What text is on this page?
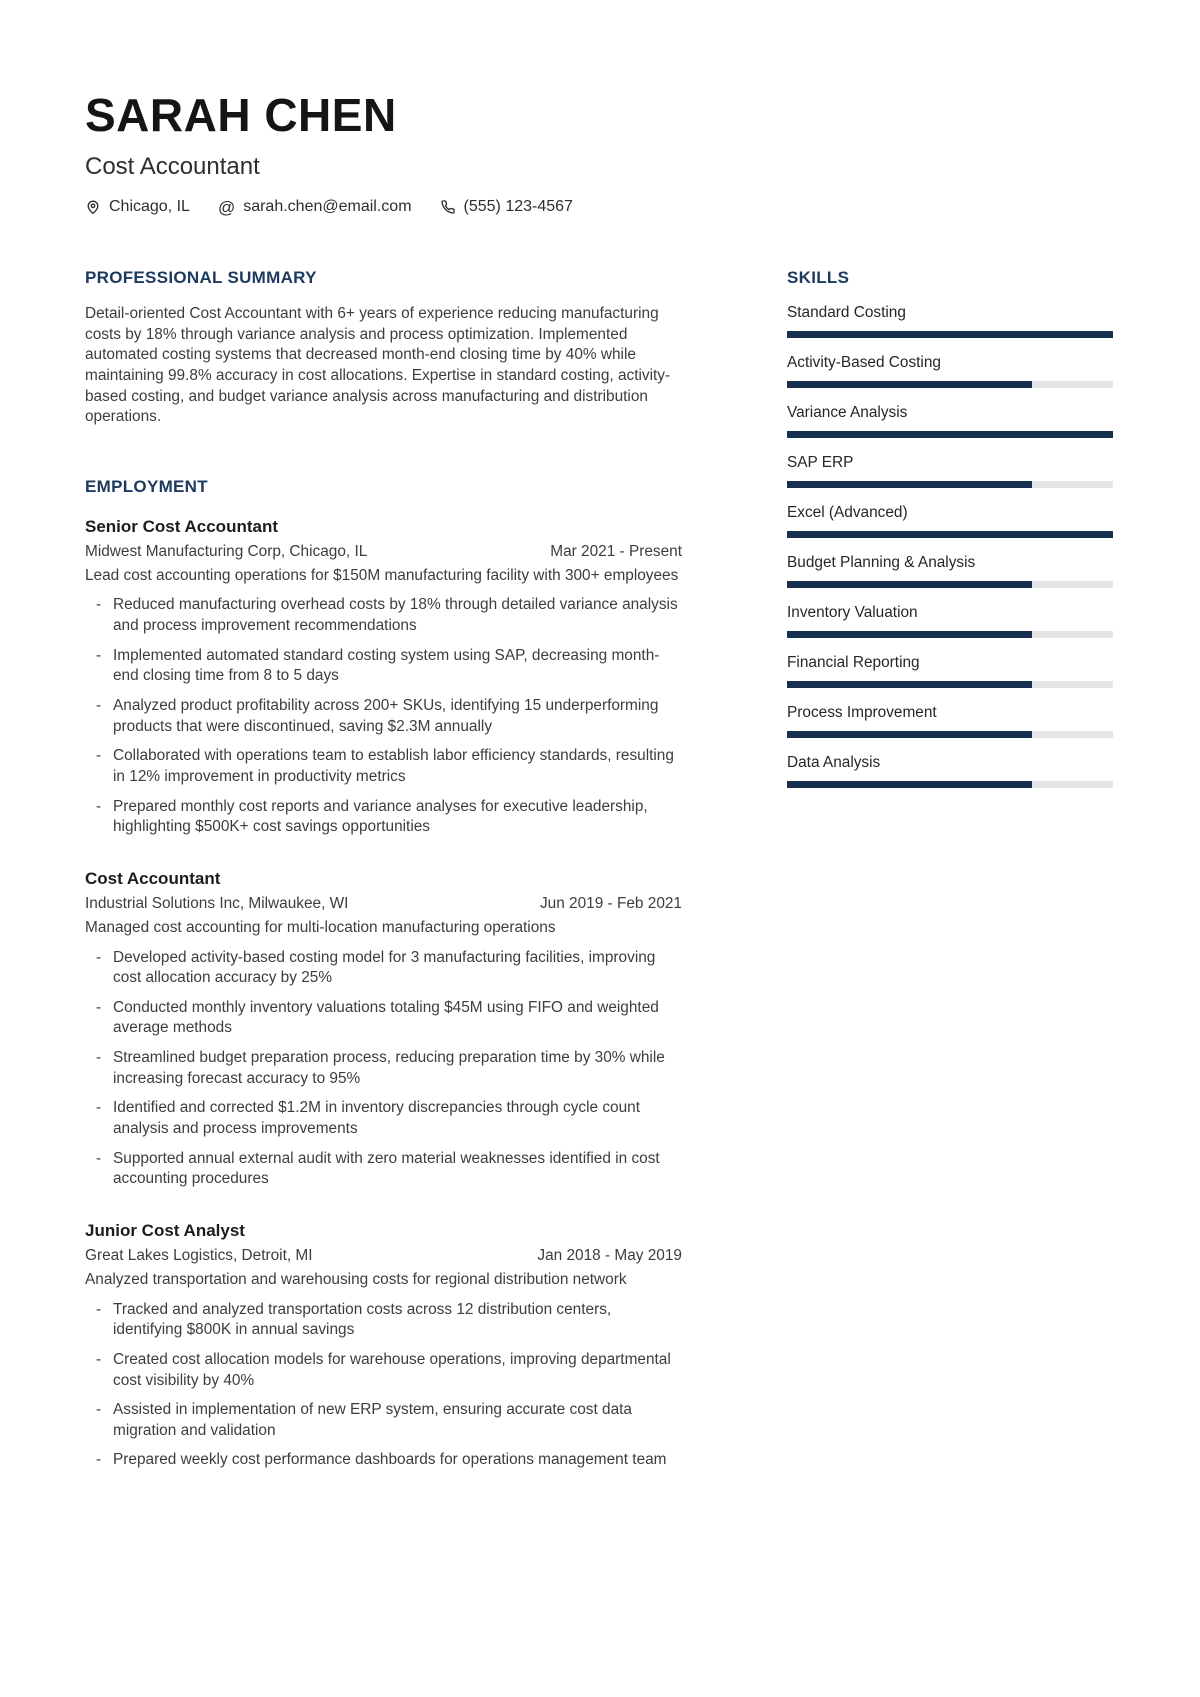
SARAH CHEN
Cost Accountant
Chicago, IL @ sarah.chen@email.com	(555) 123-4567
PROFESSIONAL SUMMARY
Detail-oriented Cost Accountant with 6+ years of experience reducing manufacturing costs by 18% through variance analysis and process optimization. Implemented automated costing systems that decreased month-end closing time by 40% while maintaining 99.8% accuracy in cost allocations. Expertise in standard costing, activity-based costing, and budget variance analysis across manufacturing and distribution operations.
EMPLOYMENT
Senior Cost Accountant
Midwest Manufacturing Corp, Chicago, IL	Mar 2021 - Present
Lead cost accounting operations for $150M manufacturing facility with 300+ employees
- Reduced manufacturing overhead costs by 18% through detailed variance analysis and process improvement recommendations
- Implemented automated standard costing system using SAP, decreasing month-end closing time from 8 to 5 days
- Analyzed product profitability across 200+ SKUs, identifying 15 underperforming products that were discontinued, saving $2.3M annually
- Collaborated with operations team to establish labor efficiency standards, resulting in 12% improvement in productivity metrics
- Prepared monthly cost reports and variance analyses for executive leadership, highlighting $500K+ cost savings opportunities
Cost Accountant
Industrial Solutions Inc, Milwaukee, WI	Jun 2019 - Feb 2021
Managed cost accounting for multi-location manufacturing operations
- Developed activity-based costing model for 3 manufacturing facilities, improving cost allocation accuracy by 25%
- Conducted monthly inventory valuations totaling $45M using FIFO and weighted average methods
- Streamlined budget preparation process, reducing preparation time by 30% while increasing forecast accuracy to 95%
- Identified and corrected $1.2M in inventory discrepancies through cycle count analysis and process improvements
- Supported annual external audit with zero material weaknesses identified in cost accounting procedures
Junior Cost Analyst
Great Lakes Logistics, Detroit, MI	Jan 2018 - May 2019
Analyzed transportation and warehousing costs for regional distribution network
- Tracked and analyzed transportation costs across 12 distribution centers, identifying $800K in annual savings
- Created cost allocation models for warehouse operations, improving departmental cost visibility by 40%
- Assisted in implementation of new ERP system, ensuring accurate cost data migration and validation
- Prepared weekly cost performance dashboards for operations management team
SKILLS
Standard Costing
Activity-Based Costing
Variance Analysis
SAP ERP
Excel (Advanced)
Budget Planning & Analysis
Inventory Valuation
Financial Reporting
Process Improvement
Data Analysis
